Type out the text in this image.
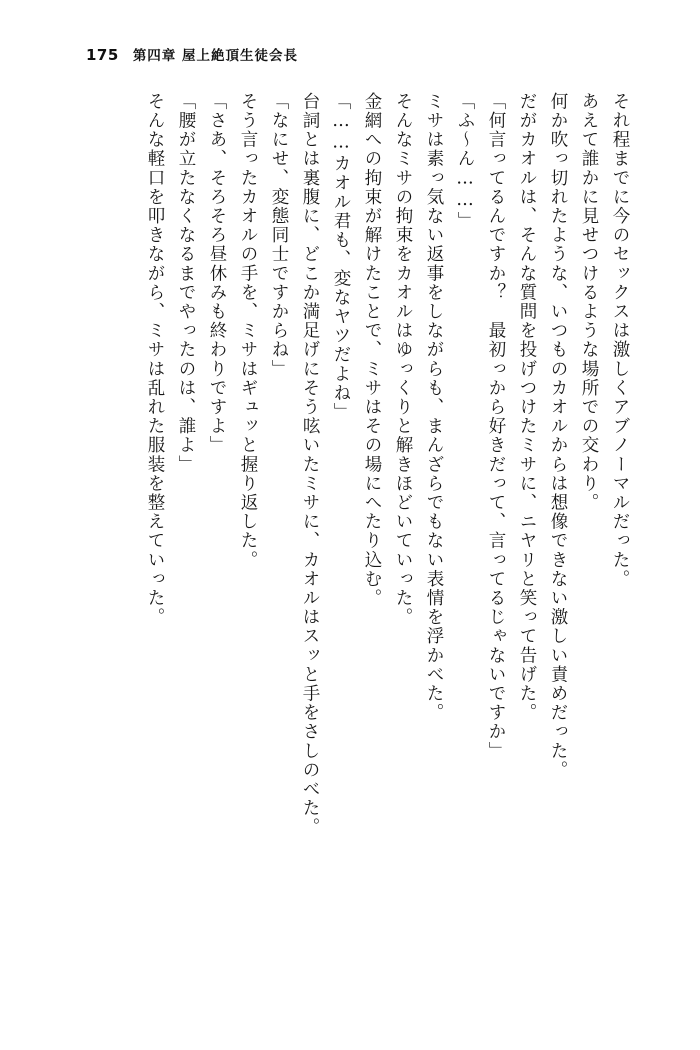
175 第四章 屋上絶頂生徒会長
それ程までに今のセックスは激しくアブノーマルだった。
あえて誰かに見せつけるような場所での交わり。
何か吹っ切れたような、いつものカオルからは想像できない激しい責めだった。
だがカオルは、そんな質問を投げつけたミサに、ニヤリと笑って告げた。
「何言ってるんですか？　最初っから好きだって、言ってるじゃないですか」
「ふ〜ん……」
ミサは素っ気ない返事をしながらも、まんざらでもない表情を浮かべた。
そんなミサの拘束をカオルはゆっくりと解きほどいていった。
金網への拘束が解けたことで、ミサはその場にへたり込む。
「……カオル君も、変なヤツだよね」
台詞とは裏腹に、どこか満足げにそう呟いたミサに、カオルはスッと手をさしのべた。
「なにせ、変態同士ですからね」
そう言ったカオルの手を、ミサはギュッと握り返した。
「さあ、そろそろ昼休みも終わりですよ」
「腰が立たなくなるまでやったのは、誰よ」
そんな軽口を叩きながら、ミサは乱れた服装を整えていった。
